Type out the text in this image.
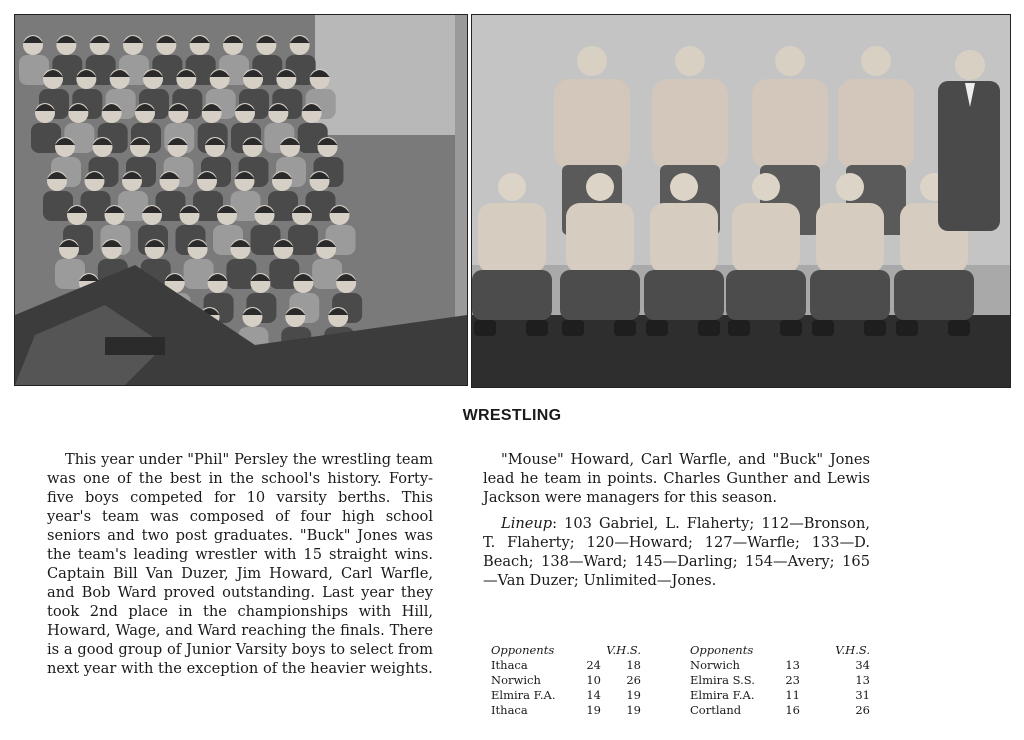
WRESTLING

This year under "Phil" Persley the wrestling team was one of the best in the school's history. Forty-five boys competed for 10 varsity berths. This year's team was composed of four high school seniors and two post graduates. "Buck" Jones was the team's leading wrestler with 15 straight wins. Captain Bill Van Duzer, Jim Howard, Carl Warfle, and Bob Ward proved outstanding. Last year they took 2nd place in the championships with Hill, Howard, Wage, and Ward reaching the finals. There is a good group of Junior Varsity boys to select from next year with the exception of the heavier weights.

"Mouse" Howard, Carl Warfle, and "Buck" Jones lead he team in points. Charles Gunther and Lewis Jackson were managers for this season.

Lineup: 103 Gabriel, L. Flaherty; 112—Bronson, T. Flaherty; 120—Howard; 127—Warfle; 133—D. Beach; 138—Ward; 145—Darling; 154—Avery; 165—Van Duzer; Unlimited—Jones.

Opponents		V.H.S.
Ithaca	24	18
Norwich	10	26
Elmira F.A.	14	19
Ithaca	19	19
Opponents		V.H.S.
Norwich	13	34
Elmira S.S.	23	13
Elmira F.A.	11	31
Cortland	16	26
